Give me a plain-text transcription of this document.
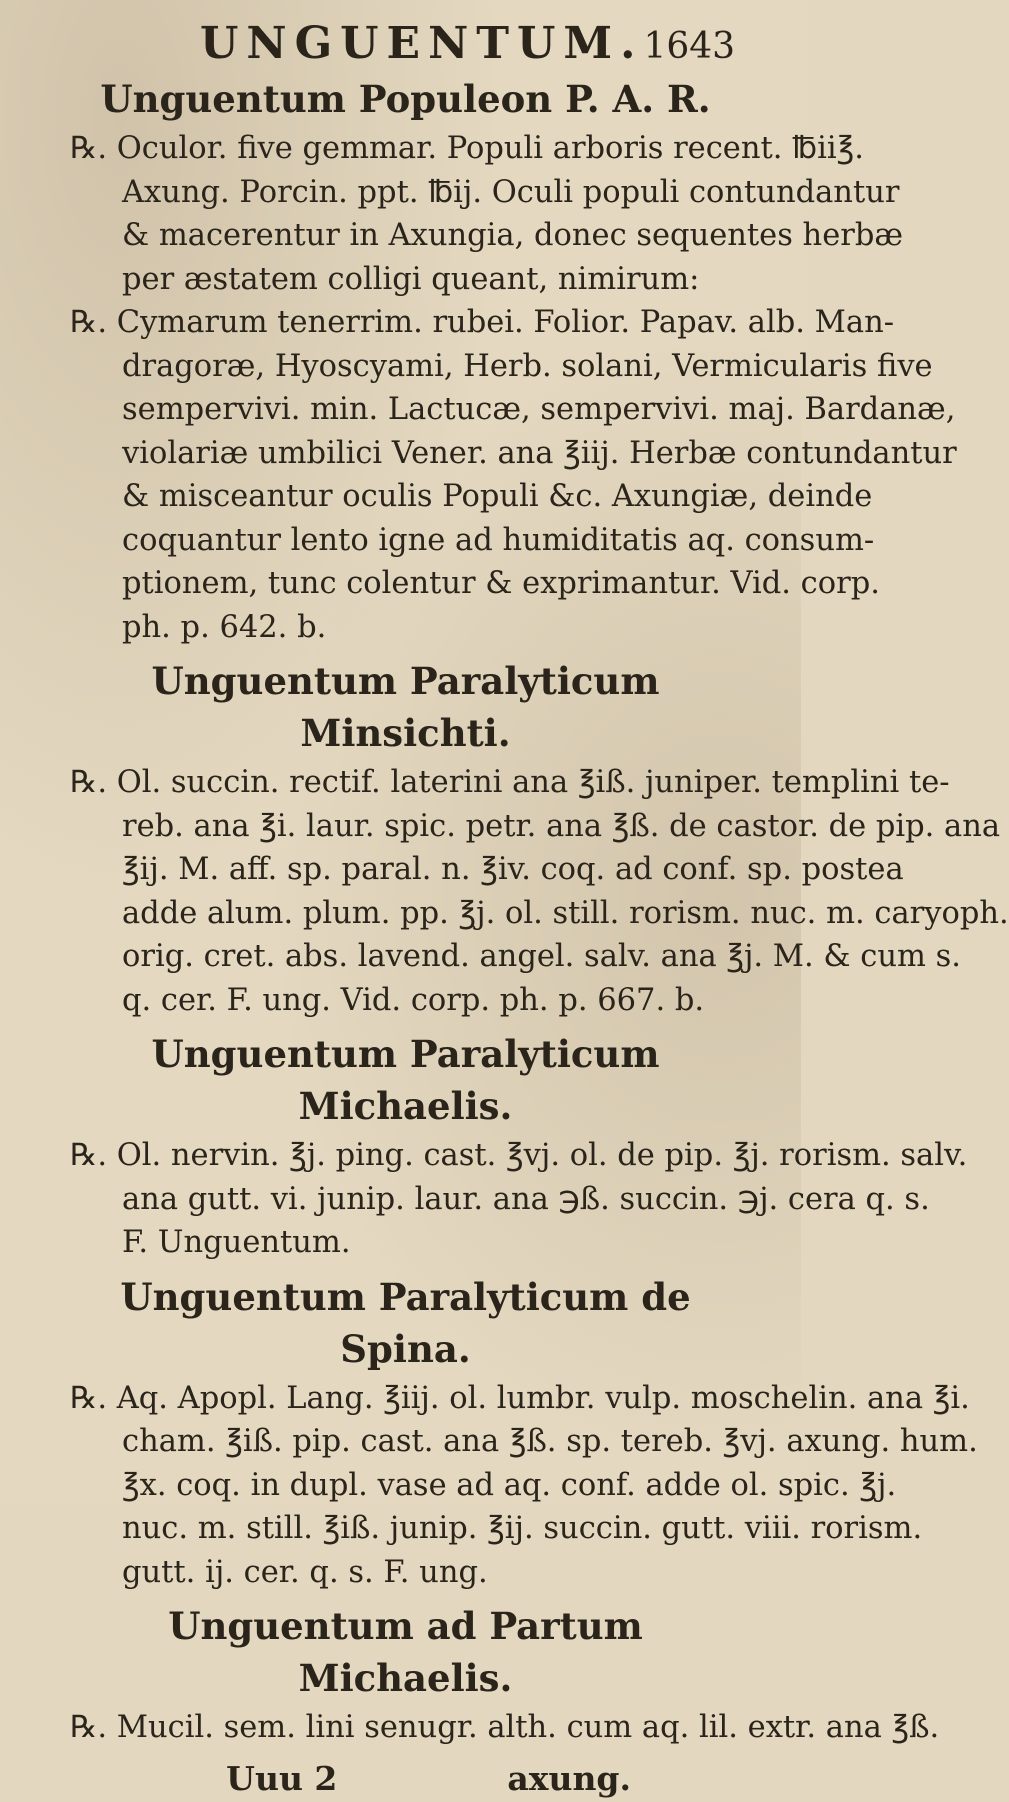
UNGUENTUM. 1643
Unguentum Populeon P. A. R.
℞. Oculor. five gemmar. Populi arboris recent. ℔ii℥.
Axung. Porcin. ppt. ℔ij. Oculi populi contundantur
& macerentur in Axungia, donec sequentes herbæ
per æstatem colligi queant, nimirum:
℞. Cymarum tenerrim. rubei. Folior. Papav. alb. Man-
dragoræ, Hyoscyami, Herb. solani, Vermicularis five
sempervivi. min. Lactucæ, sempervivi. maj. Bardanæ,
violariæ umbilici Vener. ana ℥iij. Herbæ contundantur
& misceantur oculis Populi &c. Axungiæ, deinde
coquantur lento igne ad humiditatis aq. consum-
ptionem, tunc colentur & exprimantur. Vid. corp.
ph. p. 642. b.
Unguentum Paralyticum Minsichti.
℞. Ol. succin. rectif. laterini ana ℥iß. juniper. templini te-
reb. ana ℥i. laur. spic. petr. ana ℥ß. de castor. de pip. ana
℥ij. M. aff. sp. paral. n. ℥iv. coq. ad conf. sp. postea
adde alum. plum. pp. ℥j. ol. still. rorism. nuc. m. caryoph.
orig. cret. abs. lavend. angel. salv. ana ℥j. M. & cum s.
q. cer. F. ung. Vid. corp. ph. p. 667. b.
Unguentum Paralyticum Michaelis.
℞. Ol. nervin. ℥j. ping. cast. ℥vj. ol. de pip. ℥j. rorism. salv.
ana gutt. vi. junip. laur. ana ℈ß. succin. ℈j. cera q. s.
F. Unguentum.
Unguentum Paralyticum de Spina.
℞. Aq. Apopl. Lang. ℥iij. ol. lumbr. vulp. moschelin. ana ℥i.
cham. ℥iß. pip. cast. ana ℥ß. sp. tereb. ℥vj. axung. hum.
℥x. coq. in dupl. vase ad aq. conf. adde ol. spic. ℥j.
nuc. m. still. ℥iß. junip. ℥ij. succin. gutt. viii. rorism.
gutt. ij. cer. q. s. F. ung.
Unguentum ad Partum Michaelis.
℞. Mucil. sem. lini senugr. alth. cum aq. lil. extr. ana ℥ß.
Uuu 2	axung.
